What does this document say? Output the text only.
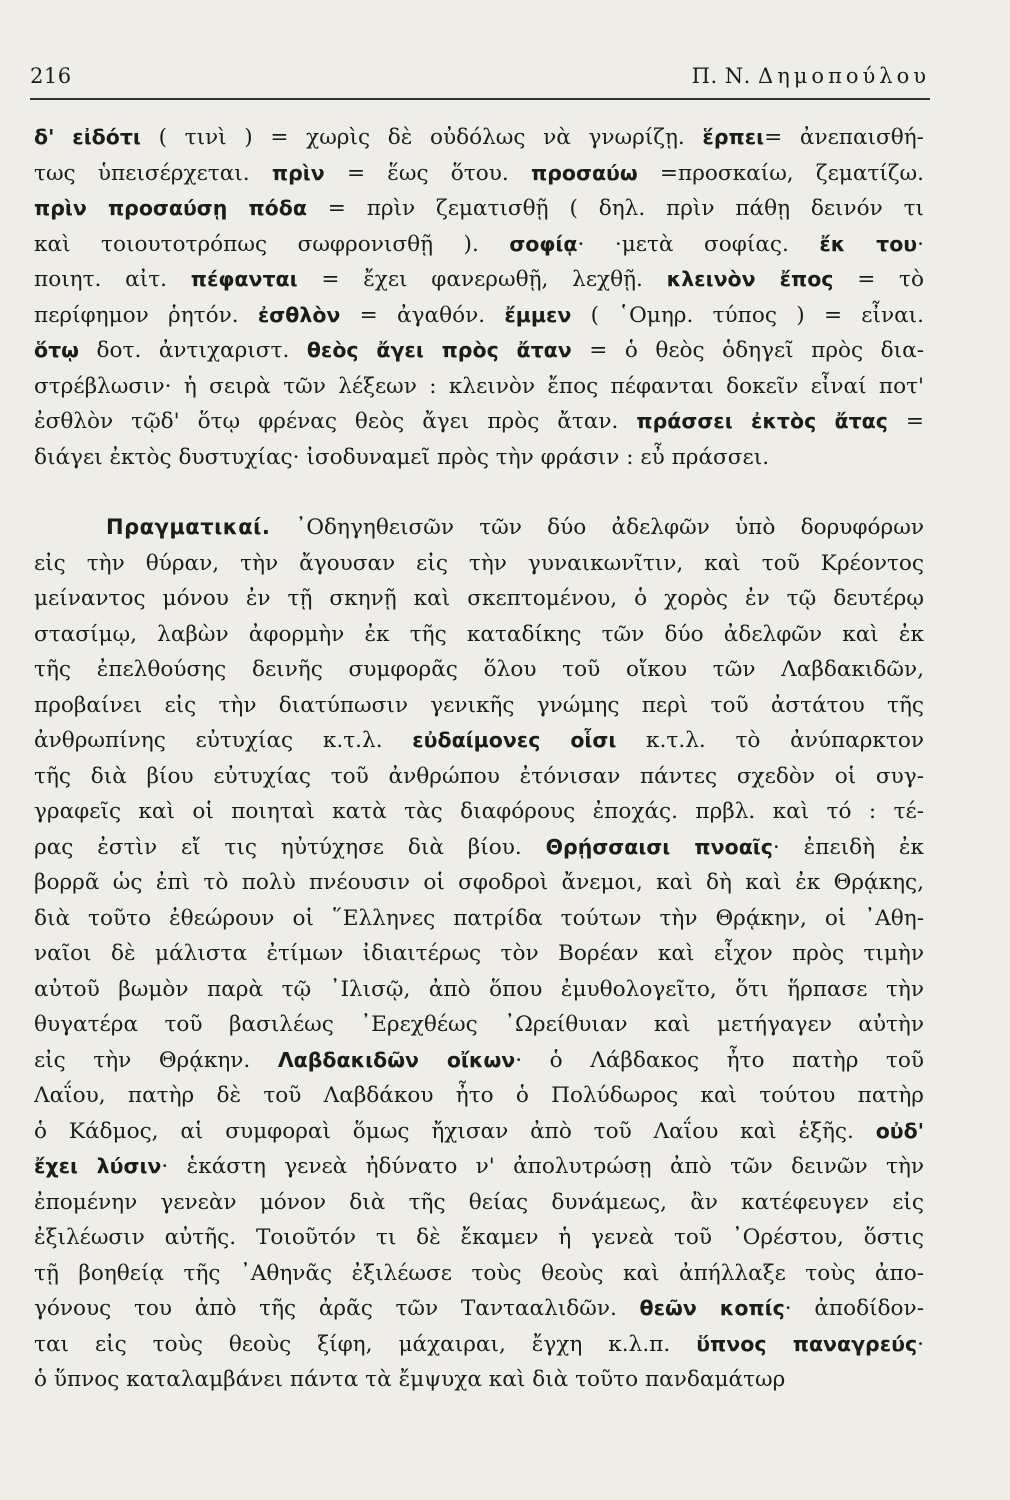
216	Π. Ν. Δημοπούλου
δ' εἰδότι ( τινὶ ) = χωρὶς δὲ οὐδόλως νὰ γνωρίζῃ. ἕρπει= ἀνεπαισθή-
τως ὑπεισέρχεται. πρὶν = ἕως ὅτου. προσαύω =προσκαίω, ζεματίζω.
πρὶν προσαύσῃ πόδα = πρὶν ζεματισθῇ ( δηλ. πρὶν πάθῃ δεινόν τι
καὶ τοιουτοτρόπως σωφρονισθῇ ). σοφίᾳ· ·μετὰ σοφίας. ἔκ του·
ποιητ. αἰτ. πέφανται = ἔχει φανερωθῇ, λεχθῇ. κλεινὸν ἔπος = τὸ
περίφημον ῥητόν. ἐσθλὸν = ἀγαθόν. ἔμμεν ( ῾Ομηρ. τύπος ) = εἶναι.
ὅτῳ δοτ. ἀντιχαριστ. θεὸς ἄγει πρὸς ἄταν = ὁ θεὸς ὁδηγεῖ πρὸς δια-
στρέβλωσιν· ἡ σειρὰ τῶν λέξεων : κλεινὸν ἔπος πέφανται δοκεῖν εἶναί ποτ'
ἐσθλὸν τῷδ' ὅτῳ φρένας θεὸς ἄγει πρὸς ἄταν. πράσσει ἐκτὸς ἄτας =
διάγει ἐκτὸς δυστυχίας· ἰσοδυναμεῖ πρὸς τὴν φράσιν : εὖ πράσσει.
Πραγματικαί. ᾿Οδηγηθεισῶν τῶν δύο ἀδελφῶν ὑπὸ δορυφόρων
εἰς τὴν θύραν, τὴν ἄγουσαν εἰς τὴν γυναικωνῖτιν, καὶ τοῦ Κρέοντος
μείναντος μόνου ἐν τῇ σκηνῇ καὶ σκεπτομένου, ὁ χορὸς ἐν τῷ δευτέρῳ
στασίμῳ, λαβὼν ἀφορμὴν ἐκ τῆς καταδίκης τῶν δύο ἀδελφῶν καὶ ἐκ
τῆς ἐπελθούσης δεινῆς συμφορᾶς ὅλου τοῦ οἴκου τῶν Λαβδακιδῶν,
προβαίνει εἰς τὴν διατύπωσιν γενικῆς γνώμης περὶ τοῦ ἀστάτου τῆς
ἀνθρωπίνης εὐτυχίας κ.τ.λ. εὐδαίμονες οἷσι κ.τ.λ. τὸ ἀνύπαρκτον
τῆς διὰ βίου εὐτυχίας τοῦ ἀνθρώπου ἐτόνισαν πάντες σχεδὸν οἱ συγ-
γραφεῖς καὶ οἱ ποιηταὶ κατὰ τὰς διαφόρους ἐποχάς. πρβλ. καὶ τό : τέ-
ρας ἐστὶν εἴ τις ηὐτύχησε διὰ βίου. Θρῄσσαισι πνοαῖς· ἐπειδὴ ἐκ
βορρᾶ ὡς ἐπὶ τὸ πολὺ πνέουσιν οἱ σφοδροὶ ἄνεμοι, καὶ δὴ καὶ ἐκ Θρᾴκης,
διὰ τοῦτο ἐθεώρουν οἱ ῞Ελληνες πατρίδα τούτων τὴν Θρᾴκην, οἱ ᾿Αθη-
ναῖοι δὲ μάλιστα ἐτίμων ἰδιαιτέρως τὸν Βορέαν καὶ εἶχον πρὸς τιμὴν
αὐτοῦ βωμὸν παρὰ τῷ ᾿Ιλισῷ, ἀπὸ ὅπου ἐμυθολογεῖτο, ὅτι ἥρπασε τὴν
θυγατέρα τοῦ βασιλέως ᾿Ερεχθέως ᾿Ωρείθυιαν καὶ μετήγαγεν αὐτὴν
εἰς τὴν Θρᾴκην. Λαβδακιδῶν οἴκων· ὁ Λάβδακος ἦτο πατὴρ τοῦ
Λαΐου, πατὴρ δὲ τοῦ Λαβδάκου ἦτο ὁ Πολύδωρος καὶ τούτου πατὴρ
ὁ Κάδμος, αἱ συμφοραὶ ὅμως ἤχισαν ἀπὸ τοῦ Λαΐου καὶ ἑξῆς. οὐδ'
ἔχει λύσιν· ἑκάστη γενεὰ ἠδύνατο ν' ἀπολυτρώσῃ ἀπὸ τῶν δεινῶν τὴν
ἐπομένην γενεὰν μόνον διὰ τῆς θείας δυνάμεως, ἂν κατέφευγεν εἰς
ἐξιλέωσιν αὐτῆς. Τοιοῦτόν τι δὲ ἔκαμεν ἡ γενεὰ τοῦ ᾿Ορέστου, ὅστις
τῇ βοηθείᾳ τῆς ᾿Αθηνᾶς ἐξιλέωσε τοὺς θεοὺς καὶ ἀπήλλαξε τοὺς ἀπο-
γόνους του ἀπὸ τῆς ἀρᾶς τῶν Ταντααλιδῶν. θεῶν κοπίς· ἀποδίδον-
ται εἰς τοὺς θεοὺς ξίφη, μάχαιραι, ἔγχη κ.λ.π. ὕπνος παναγρεύς·
ὁ ὕπνος καταλαμβάνει πάντα τὰ ἔμψυχα καὶ διὰ τοῦτο πανδαμάτωρ
